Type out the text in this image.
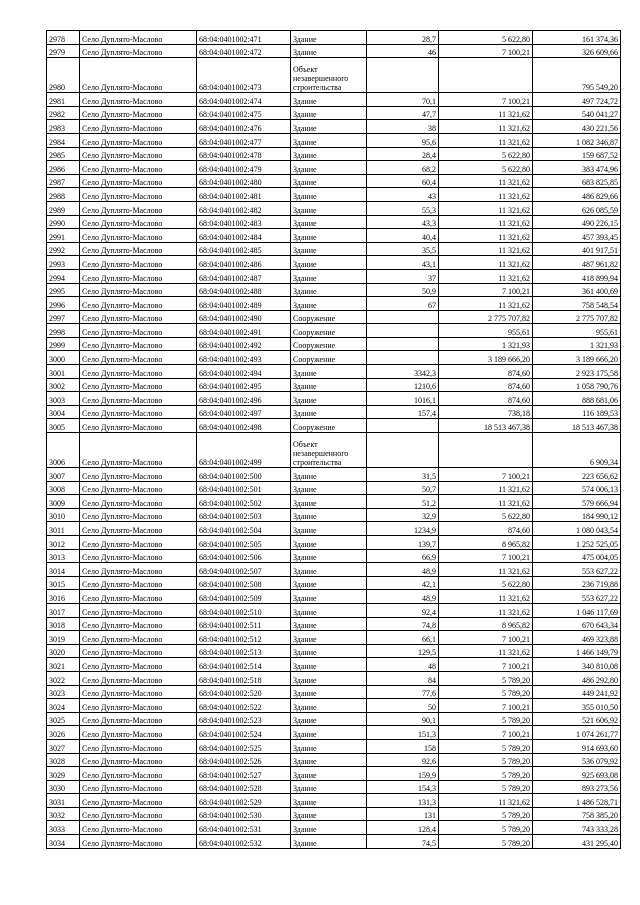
2978	Село Дуплято-Маслово	68:04:0401002:471	Здание	28,7	5 622,80	161 374,36
2979	Село Дуплято-Маслово	68:04:0401002:472	Здание	46	7 100,21	326 609,66
2980	Село Дуплято-Маслово	68:04:0401002:473	Объект незавершенного строительства			795 549,20
2981	Село Дуплято-Маслово	68:04:0401002:474	Здание	70,1	7 100,21	497 724,72
2982	Село Дуплято-Маслово	68:04:0401002:475	Здание	47,7	11 321,62	540 041,27
2983	Село Дуплято-Маслово	68:04:0401002:476	Здание	38	11 321,62	430 221,56
2984	Село Дуплято-Маслово	68:04:0401002:477	Здание	95,6	11 321,62	1 082 346,87
2985	Село Дуплято-Маслово	68:04:0401002:478	Здание	28,4	5 622,80	159 687,52
2986	Село Дуплято-Маслово	68:04:0401002:479	Здание	68,2	5 622,80	383 474,96
2987	Село Дуплято-Маслово	68:04:0401002:480	Здание	60,4	11 321,62	683 825,85
2988	Село Дуплято-Маслово	68:04:0401002:481	Здание	43	11 321,62	486 829,66
2989	Село Дуплято-Маслово	68:04:0401002:482	Здание	55,3	11 321,62	626 085,59
2990	Село Дуплято-Маслово	68:04:0401002:483	Здание	43,3	11 321,62	490 226,15
2991	Село Дуплято-Маслово	68:04:0401002:484	Здание	40,4	11 321,62	457 393,45
2992	Село Дуплято-Маслово	68:04:0401002:485	Здание	35,5	11 321,62	401 917,51
2993	Село Дуплято-Маслово	68:04:0401002:486	Здание	43,1	11 321,62	487 961,82
2994	Село Дуплято-Маслово	68:04:0401002:487	Здание	37	11 321,62	418 899,94
2995	Село Дуплято-Маслово	68:04:0401002:488	Здание	50,9	7 100,21	361 400,69
2996	Село Дуплято-Маслово	68:04:0401002:489	Здание	67	11 321,62	758 548,54
2997	Село Дуплято-Маслово	68:04:0401002:490	Сооружение		2 775 707,82	2 775 707,82
2998	Село Дуплято-Маслово	68:04:0401002:491	Сооружение		955,61	955,61
2999	Село Дуплято-Маслово	68:04:0401002:492	Сооружение		1 321,93	1 321,93
3000	Село Дуплято-Маслово	68:04:0401002:493	Сооружение		3 189 666,20	3 189 666,20
3001	Село Дуплято-Маслово	68:04:0401002:494	Здание	3342,3	874,60	2 923 175,58
3002	Село Дуплято-Маслово	68:04:0401002:495	Здание	1210,6	874,60	1 058 790,76
3003	Село Дуплято-Маслово	68:04:0401002:496	Здание	1016,1	874,60	888 681,06
3004	Село Дуплято-Маслово	68:04:0401002:497	Здание	157,4	738,18	116 189,53
3005	Село Дуплято-Маслово	68:04:0401002:498	Сооружение		18 513 467,38	18 513 467,38
3006	Село Дуплято-Маслово	68:04:0401002:499	Объект незавершенного строительства			6 909,34
3007	Село Дуплято-Маслово	68:04:0401002:500	Здание	31,5	7 100,21	223 656,62
3008	Село Дуплято-Маслово	68:04:0401002:501	Здание	50,7	11 321,62	574 006,13
3009	Село Дуплято-Маслово	68:04:0401002:502	Здание	51,2	11 321,62	579 666,94
3010	Село Дуплято-Маслово	68:04:0401002:503	Здание	32,9	5 622,80	184 990,12
3011	Село Дуплято-Маслово	68:04:0401002:504	Здание	1234,9	874,60	1 080 043,54
3012	Село Дуплято-Маслово	68:04:0401002:505	Здание	139,7	8 965,82	1 252 525,05
3013	Село Дуплято-Маслово	68:04:0401002:506	Здание	66,9	7 100,21	475 004,05
3014	Село Дуплято-Маслово	68:04:0401002:507	Здание	48,9	11 321,62	553 627,22
3015	Село Дуплято-Маслово	68:04:0401002:508	Здание	42,1	5 622,80	236 719,88
3016	Село Дуплято-Маслово	68:04:0401002:509	Здание	48,9	11 321,62	553 627,22
3017	Село Дуплято-Маслово	68:04:0401002:510	Здание	92,4	11 321,62	1 046 117,69
3018	Село Дуплято-Маслово	68:04:0401002:511	Здание	74,8	8 965,82	670 643,34
3019	Село Дуплято-Маслово	68:04:0401002:512	Здание	66,1	7 100,21	469 323,88
3020	Село Дуплято-Маслово	68:04:0401002:513	Здание	129,5	11 321,62	1 466 149,79
3021	Село Дуплято-Маслово	68:04:0401002:514	Здание	48	7 100,21	340 810,08
3022	Село Дуплято-Маслово	68:04:0401002:518	Здание	84	5 789,20	486 292,80
3023	Село Дуплято-Маслово	68:04:0401002:520	Здание	77,6	5 789,20	449 241,92
3024	Село Дуплято-Маслово	68:04:0401002:522	Здание	50	7 100,21	355 010,50
3025	Село Дуплято-Маслово	68:04:0401002:523	Здание	90,1	5 789,20	521 606,92
3026	Село Дуплято-Маслово	68:04:0401002:524	Здание	151,3	7 100,21	1 074 261,77
3027	Село Дуплято-Маслово	68:04:0401002:525	Здание	158	5 789,20	914 693,60
3028	Село Дуплято-Маслово	68:04:0401002:526	Здание	92,6	5 789,20	536 079,92
3029	Село Дуплято-Маслово	68:04:0401002:527	Здание	159,9	5 789,20	925 693,08
3030	Село Дуплято-Маслово	68:04:0401002:528	Здание	154,3	5 789,20	893 273,56
3031	Село Дуплято-Маслово	68:04:0401002:529	Здание	131,3	11 321,62	1 486 528,71
3032	Село Дуплято-Маслово	68:04:0401002:530	Здание	131	5 789,20	758 385,20
3033	Село Дуплято-Маслово	68:04:0401002:531	Здание	128,4	5 789,20	743 333,28
3034	Село Дуплято-Маслово	68:04:0401002:532	Здание	74,5	5 789,20	431 295,40
